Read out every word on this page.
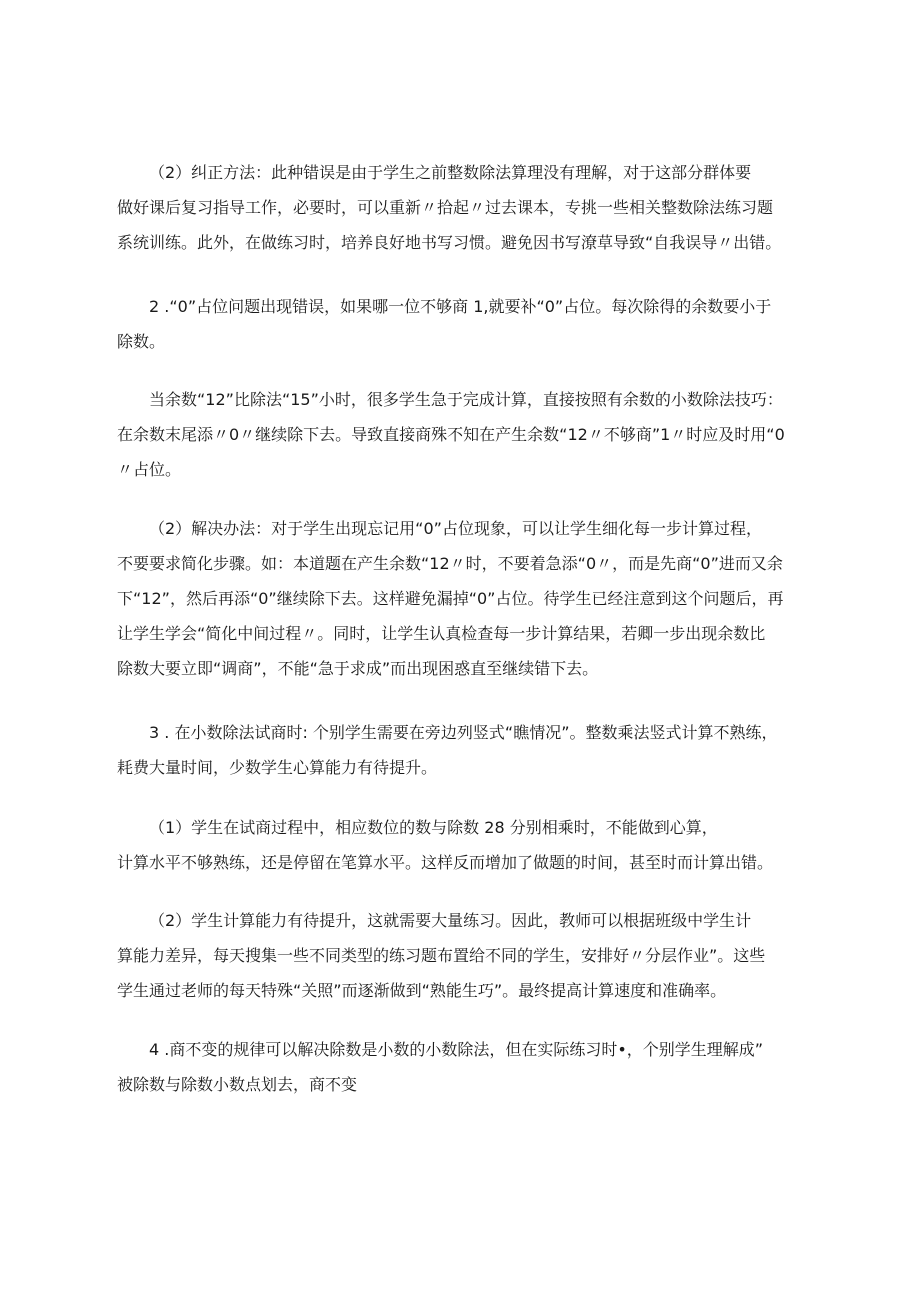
（2）纠正方法：此种错误是由于学生之前整数除法算理没有理解，对于这部分群体要
做好课后复习指导工作，必要时，可以重新〃拾起〃过去课本，专挑一些相关整数除法练习题
系统训练。此外，在做练习时，培养良好地书写习惯。避免因书写潦草导致“自我误导〃出错。

2 .“0”占位问题出现错误，如果哪一位不够商 1,就要补“0”占位。每次除得的余数要小于
除数。

当余数“12”比除法“15”小时，很多学生急于完成计算，直接按照有余数的小数除法技巧：
在余数末尾添〃0〃继续除下去。导致直接商殊不知在产生余数“12〃不够商”1〃时应及时用“0
〃占位。

（2）解决办法：对于学生出现忘记用“0”占位现象，可以让学生细化每一步计算过程，
不要要求简化步骤。如：本道题在产生余数“12〃时，不要着急添“0〃，而是先商“0”进而又余
下“12”，然后再添“0”继续除下去。这样避免漏掉“0”占位。待学生已经注意到这个问题后，再
让学生学会“简化中间过程〃。同时，让学生认真检查每一步计算结果，若卿一步出现余数比
除数大要立即“调商”，不能“急于求成”而出现困惑直至继续错下去。

3 . 在小数除法试商时: 个别学生需要在旁边列竖式“瞧情况”。整数乘法竖式计算不熟练，
耗费大量时间，少数学生心算能力有待提升。

（1）学生在试商过程中，相应数位的数与除数 28 分别相乘时，不能做到心算，
计算水平不够熟练，还是停留在笔算水平。这样反而增加了做题的时间，甚至时而计算出错。

（2）学生计算能力有待提升，这就需要大量练习。因此，教师可以根据班级中学生计
算能力差异，每天搜集一些不同类型的练习题布置给不同的学生，安排好〃分层作业”。这些
学生通过老师的每天特殊“关照”而逐渐做到“熟能生巧”。最终提高计算速度和准确率。

4 .商不变的规律可以解决除数是小数的小数除法，但在实际练习时•，个别学生理解成”
被除数与除数小数点划去，商不变
